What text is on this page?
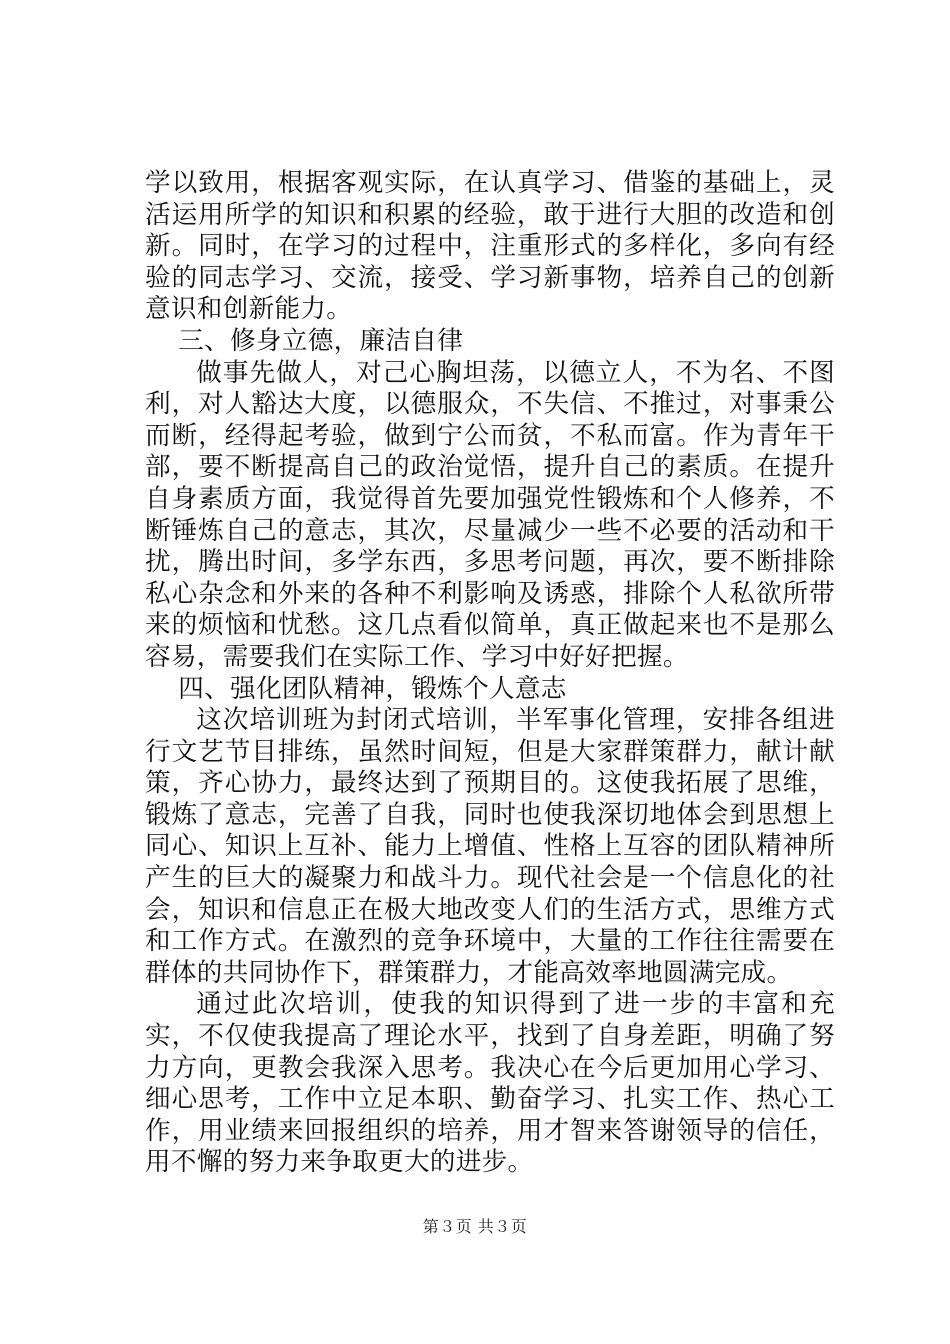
学以致用，根据客观实际，在认真学习、借鉴的基础上，灵活运用所学的知识和积累的经验，敢于进行大胆的改造和创新。同时，在学习的过程中，注重形式的多样化，多向有经验的同志学习、交流，接受、学习新事物，培养自己的创新意识和创新能力。

三、修身立德，廉洁自律

做事先做人，对己心胸坦荡，以德立人，不为名、不图利，对人豁达大度，以德服众，不失信、不推过，对事秉公而断，经得起考验，做到宁公而贫，不私而富。作为青年干部，要不断提高自己的政治觉悟，提升自己的素质。在提升自身素质方面，我觉得首先要加强党性锻炼和个人修养，不断锤炼自己的意志，其次，尽量减少一些不必要的活动和干扰，腾出时间，多学东西，多思考问题，再次，要不断排除私心杂念和外来的各种不利影响及诱惑，排除个人私欲所带来的烦恼和忧愁。这几点看似简单，真正做起来也不是那么容易，需要我们在实际工作、学习中好好把握。

四、强化团队精神，锻炼个人意志

这次培训班为封闭式培训，半军事化管理，安排各组进行文艺节目排练，虽然时间短，但是大家群策群力，献计献策，齐心协力，最终达到了预期目的。这使我拓展了思维，锻炼了意志，完善了自我，同时也使我深切地体会到思想上同心、知识上互补、能力上增值、性格上互容的团队精神所产生的巨大的凝聚力和战斗力。现代社会是一个信息化的社会，知识和信息正在极大地改变人们的生活方式，思维方式和工作方式。在激烈的竞争环境中，大量的工作往往需要在群体的共同协作下，群策群力，才能高效率地圆满完成。

通过此次培训，使我的知识得到了进一步的丰富和充实，不仅使我提高了理论水平，找到了自身差距，明确了努力方向，更教会我深入思考。我决心在今后更加用心学习、细心思考，工作中立足本职、勤奋学习、扎实工作、热心工作，用业绩来回报组织的培养，用才智来答谢领导的信任，用不懈的努力来争取更大的进步。

第３页 共３页
